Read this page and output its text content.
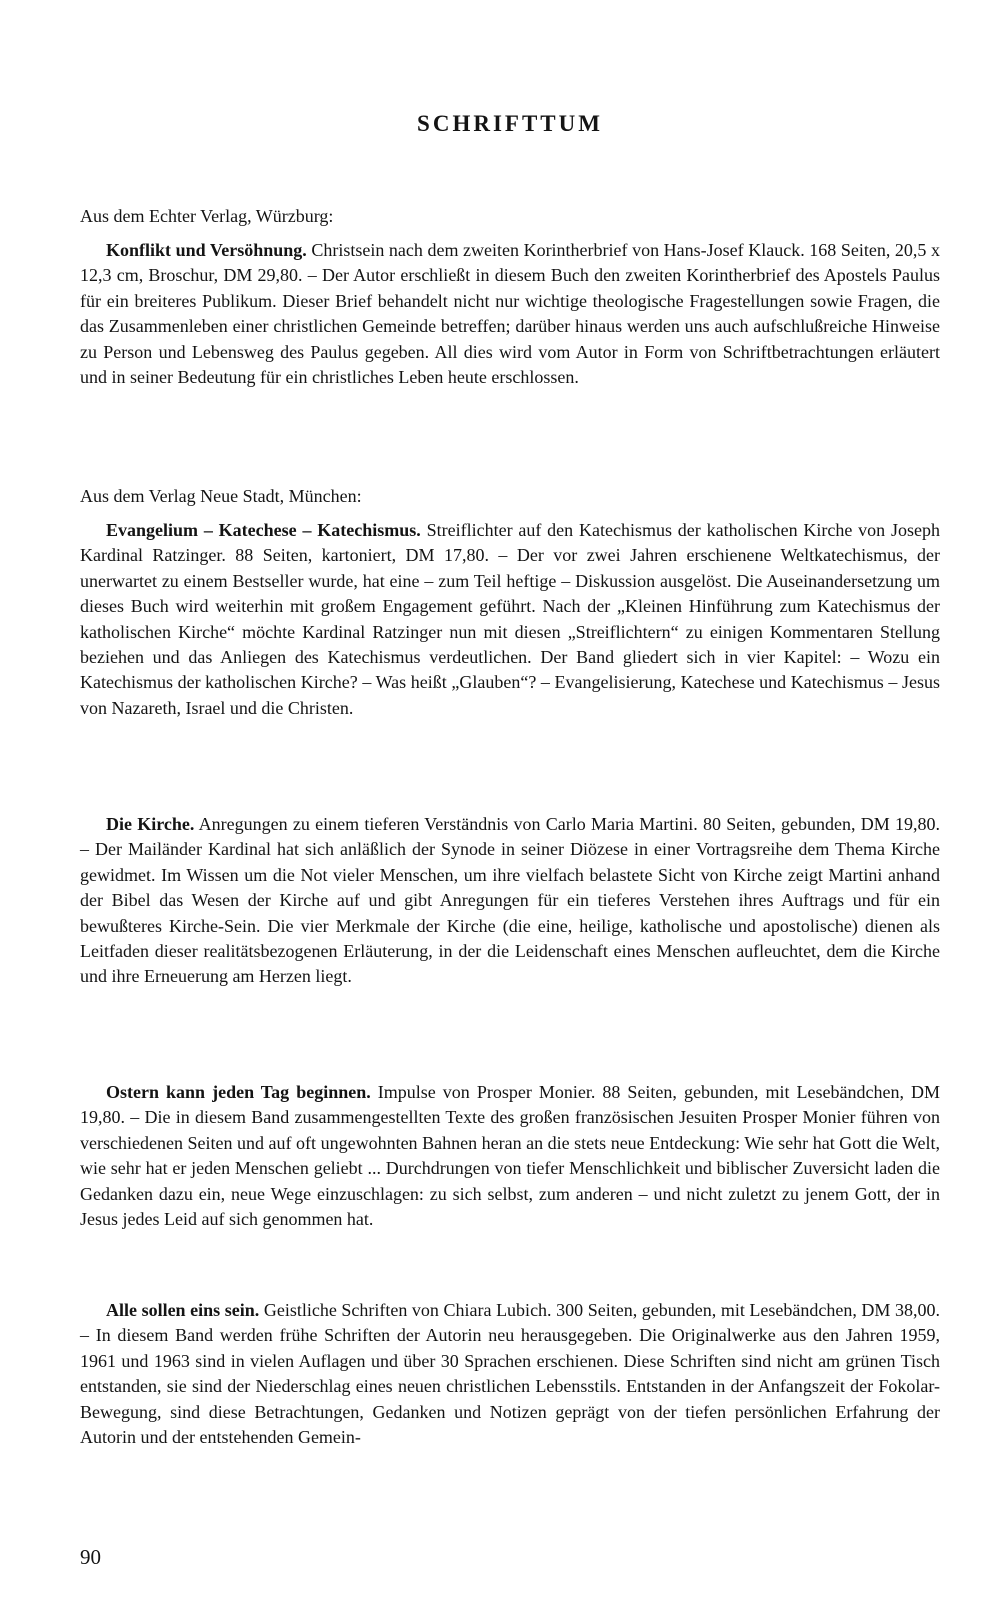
SCHRIFTTUM
Aus dem Echter Verlag, Würzburg:

Konflikt und Versöhnung. Christsein nach dem zweiten Korintherbrief von Hans-Josef Klauck. 168 Seiten, 20,5 x 12,3 cm, Broschur, DM 29,80. – Der Autor erschließt in diesem Buch den zweiten Korintherbrief des Apostels Paulus für ein breiteres Publikum. Dieser Brief behandelt nicht nur wichtige theologische Fragestellungen sowie Fragen, die das Zusammenleben einer christlichen Gemeinde betreffen; darüber hinaus werden uns auch aufschlußreiche Hinweise zu Person und Lebensweg des Paulus gegeben. All dies wird vom Autor in Form von Schriftbetrachtungen erläutert und in seiner Bedeutung für ein christliches Leben heute erschlossen.

Aus dem Verlag Neue Stadt, München:

Evangelium – Katechese – Katechismus. Streiflichter auf den Katechismus der katholischen Kirche von Joseph Kardinal Ratzinger. 88 Seiten, kartoniert, DM 17,80. – Der vor zwei Jahren erschienene Weltkatechismus, der unerwartet zu einem Bestseller wurde, hat eine – zum Teil heftige – Diskussion ausgelöst. Die Auseinandersetzung um dieses Buch wird weiterhin mit großem Engagement geführt. Nach der „Kleinen Hinführung zum Katechismus der katholischen Kirche“ möchte Kardinal Ratzinger nun mit diesen „Streiflichtern“ zu einigen Kommentaren Stellung beziehen und das Anliegen des Katechismus verdeutlichen. Der Band gliedert sich in vier Kapitel: – Wozu ein Katechismus der katholischen Kirche? – Was heißt „Glauben“? – Evangelisierung, Katechese und Katechismus – Jesus von Nazareth, Israel und die Christen.

Die Kirche. Anregungen zu einem tieferen Verständnis von Carlo Maria Martini. 80 Seiten, gebunden, DM 19,80. – Der Mailänder Kardinal hat sich anläßlich der Synode in seiner Diözese in einer Vortragsreihe dem Thema Kirche gewidmet. Im Wissen um die Not vieler Menschen, um ihre vielfach belastete Sicht von Kirche zeigt Martini anhand der Bibel das Wesen der Kirche auf und gibt Anregungen für ein tieferes Verstehen ihres Auftrags und für ein bewußteres Kirche-Sein. Die vier Merkmale der Kirche (die eine, heilige, katholische und apostolische) dienen als Leitfaden dieser realitätsbezogenen Erläuterung, in der die Leidenschaft eines Menschen aufleuchtet, dem die Kirche und ihre Erneuerung am Herzen liegt.

Ostern kann jeden Tag beginnen. Impulse von Prosper Monier. 88 Seiten, gebunden, mit Lesebändchen, DM 19,80. – Die in diesem Band zusammengestellten Texte des großen französischen Jesuiten Prosper Monier führen von verschiedenen Seiten und auf oft ungewohnten Bahnen heran an die stets neue Entdeckung: Wie sehr hat Gott die Welt, wie sehr hat er jeden Menschen geliebt ... Durchdrungen von tiefer Menschlichkeit und biblischer Zuversicht laden die Gedanken dazu ein, neue Wege einzuschlagen: zu sich selbst, zum anderen – und nicht zuletzt zu jenem Gott, der in Jesus jedes Leid auf sich genommen hat.

Alle sollen eins sein. Geistliche Schriften von Chiara Lubich. 300 Seiten, gebunden, mit Lesebändchen, DM 38,00. – In diesem Band werden frühe Schriften der Autorin neu herausgegeben. Die Originalwerke aus den Jahren 1959, 1961 und 1963 sind in vielen Auflagen und über 30 Sprachen erschienen. Diese Schriften sind nicht am grünen Tisch entstanden, sie sind der Niederschlag eines neuen christlichen Lebensstils. Entstanden in der Anfangszeit der Fokolar-Bewegung, sind diese Betrachtungen, Gedanken und Notizen geprägt von der tiefen persönlichen Erfahrung der Autorin und der entstehenden Gemein-

90
